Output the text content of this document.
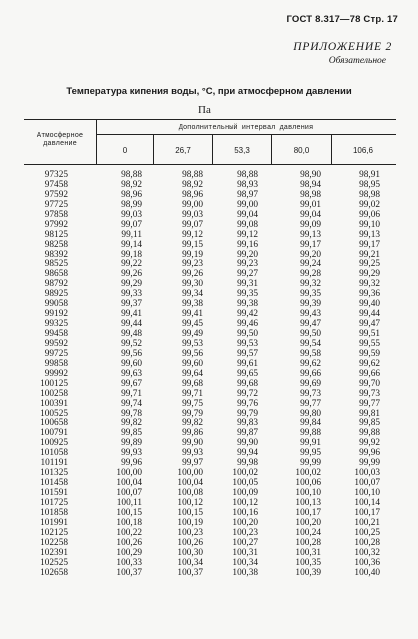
ГОСТ 8.317—78 Стр. 17
ПРИЛОЖЕНИЕ 2
Обязательное
Температура кипения воды, °С, при атмосферном давлении
Па
Атмосферное давление
Дополнительный интервал давления
0	26,7	53,3	80,0	106,6
97325	98,88	98,88	98,88	98,90	98,91
97458	98,92	98,92	98,93	98,94	98,95
97592	98,96	98,96	98,97	98,98	98,98
97725	98,99	99,00	99,00	99,01	99,02
97858	99,03	99,03	99,04	99,04	99,06
97992	99,07	99,07	99,08	99,09	99,10
98125	99,11	99,12	99,12	99,13	99,13
98258	99,14	99,15	99,16	99,17	99,17
98392	99,18	99,19	99,20	99,20	99,21
98525	99,22	99,23	99,23	99,24	99,25
98658	99,26	99,26	99,27	99,28	99,29
98792	99,29	99,30	99,31	99,32	99,32
98925	99,33	99,34	99,35	99,35	99,36
99058	99,37	99,38	99,38	99,39	99,40
99192	99,41	99,41	99,42	99,43	99,44
99325	99,44	99,45	99,46	99,47	99,47
99458	99,48	99,49	99,50	99,50	99,51
99592	99,52	99,53	99,53	99,54	99,55
99725	99,56	99,56	99,57	99,58	99,59
99858	99,60	99,60	99,61	99,62	99,62
99992	99,63	99,64	99,65	99,66	99,66
100125	99,67	99,68	99,68	99,69	99,70
100258	99,71	99,71	99,72	99,73	99,73
100391	99,74	99,75	99,76	99,77	99,77
100525	99,78	99,79	99,79	99,80	99,81
100658	99,82	99,82	99,83	99,84	99,85
100791	99,85	99,86	99,87	99,88	99,88
100925	99,89	99,90	99,90	99,91	99,92
101058	99,93	99,93	99,94	99,95	99,96
101191	99,96	99,97	99,98	99,99	99,99
101325	100,00	100,00	100,02	100,02	100,03
101458	100,04	100,04	100,05	100,06	100,07
101591	100,07	100,08	100,09	100,10	100,10
101725	100,11	100,12	100,12	100,13	100,14
101858	100,15	100,15	100,16	100,17	100,17
101991	100,18	100,19	100,20	100,20	100,21
102125	100,22	100,23	100,23	100,24	100,25
102258	100,26	100,26	100,27	100,28	100,28
102391	100,29	100,30	100,31	100,31	100,32
102525	100,33	100,34	100,34	100,35	100,36
102658	100,37	100,37	100,38	100,39	100,40
